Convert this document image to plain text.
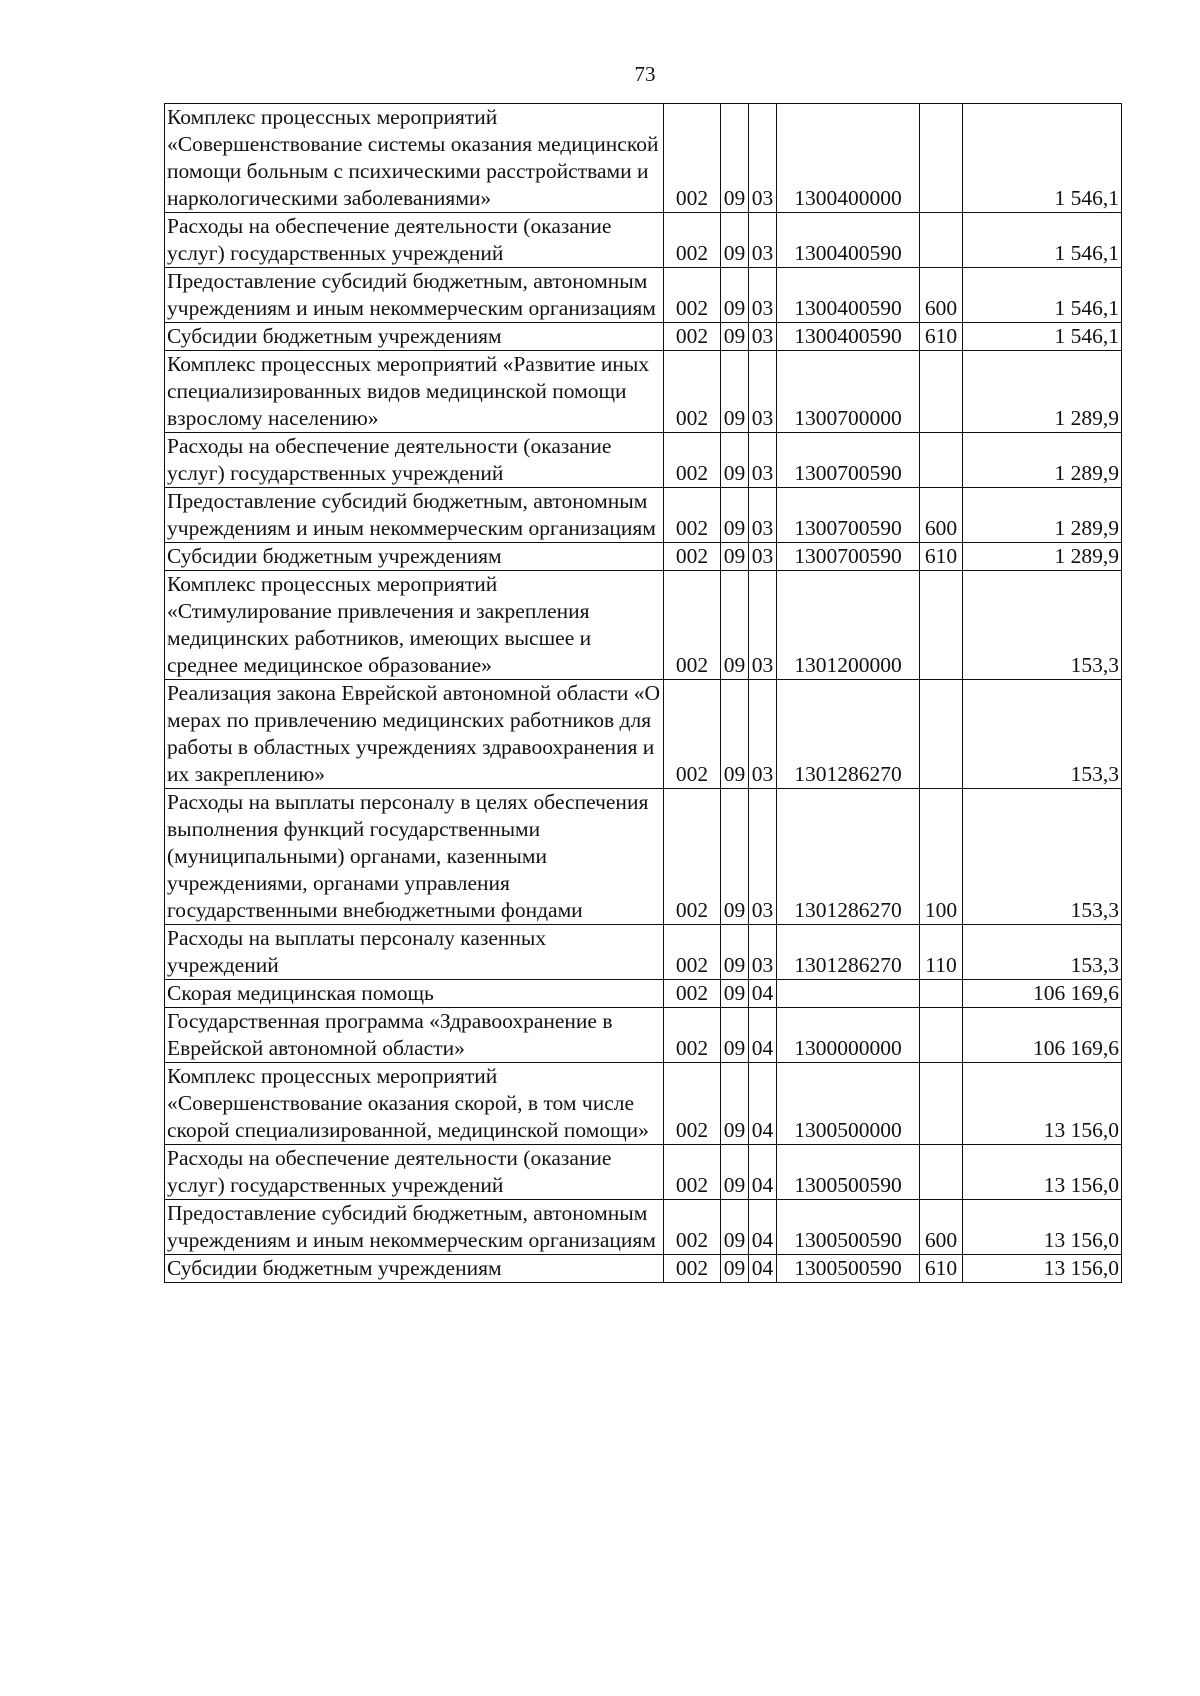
73
Комплекс процессных мероприятий «Совершенствование системы оказания медицинской помощи больным с психическими расстройствами и наркологическими заболеваниями»	002	09	03	1300400000		1 546,1
Расходы на обеспечение деятельности (оказание услуг) государственных учреждений	002	09	03	1300400590		1 546,1
Предоставление субсидий бюджетным, автономным учреждениям и иным некоммерческим организациям	002	09	03	1300400590	600	1 546,1
Субсидии бюджетным учреждениям	002	09	03	1300400590	610	1 546,1
Комплекс процессных мероприятий «Развитие иных специализированных видов медицинской помощи взрослому населению»	002	09	03	1300700000		1 289,9
Расходы на обеспечение деятельности (оказание услуг) государственных учреждений	002	09	03	1300700590		1 289,9
Предоставление субсидий бюджетным, автономным учреждениям и иным некоммерческим организациям	002	09	03	1300700590	600	1 289,9
Субсидии бюджетным учреждениям	002	09	03	1300700590	610	1 289,9
Комплекс процессных мероприятий «Стимулирование привлечения и закрепления медицинских работников, имеющих высшее и среднее медицинское образование»	002	09	03	1301200000		153,3
Реализация закона Еврейской автономной области «О мерах по привлечению медицинских работников для работы в областных учреждениях здравоохранения и их закреплению»	002	09	03	1301286270		153,3
Расходы на выплаты персоналу в целях обеспечения выполнения функций государственными (муниципальными) органами, казенными учреждениями, органами управления государственными внебюджетными фондами	002	09	03	1301286270	100	153,3
Расходы на выплаты персоналу казенных учреждений	002	09	03	1301286270	110	153,3
Скорая медицинская помощь	002	09	04			106 169,6
Государственная программа «Здравоохранение в Еврейской автономной области»	002	09	04	1300000000		106 169,6
Комплекс процессных мероприятий «Совершенствование оказания скорой, в том числе скорой специализированной, медицинской помощи»	002	09	04	1300500000		13 156,0
Расходы на обеспечение деятельности (оказание услуг) государственных учреждений	002	09	04	1300500590		13 156,0
Предоставление субсидий бюджетным, автономным учреждениям и иным некоммерческим организациям	002	09	04	1300500590	600	13 156,0
Субсидии бюджетным учреждениям	002	09	04	1300500590	610	13 156,0
